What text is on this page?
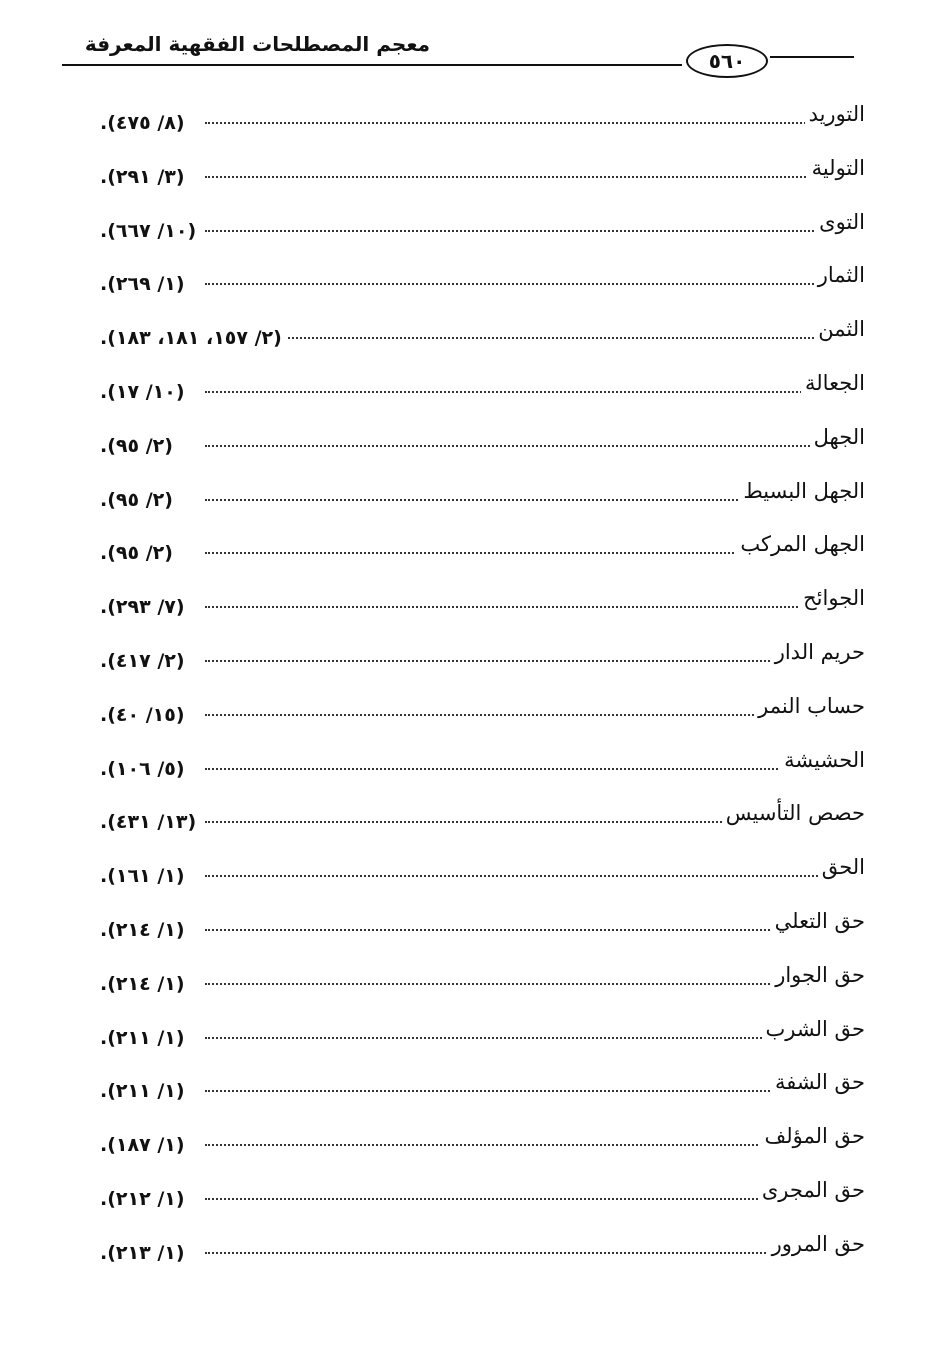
معجم المصطلحات الفقهية المعرفة
٥٦٠
التوريد
(٨/ ٤٧٥).
التولية
(٣/ ٢٩١).
التوى
(١٠/ ٦٦٧).
الثمار
(١/ ٢٦٩).
الثمن
(٢/ ١٥٧، ١٨١، ١٨٣).
الجعالة
(١٠/ ١٧).
الجهل
(٢/ ٩٥).
الجهل البسيط
(٢/ ٩٥).
الجهل المركب
(٢/ ٩٥).
الجوائح
(٧/ ٢٩٣).
حريم الدار
(٢/ ٤١٧).
حساب النمر
(١٥/ ٤٠).
الحشيشة
(٥/ ١٠٦).
حصص التأسيس
(١٣/ ٤٣١).
الحق
(١/ ١٦١).
حق التعلي
(١/ ٢١٤).
حق الجوار
(١/ ٢١٤).
حق الشرب
(١/ ٢١١).
حق الشفة
(١/ ٢١١).
حق المؤلف
(١/ ١٨٧).
حق المجرى
(١/ ٢١٢).
حق المرور
(١/ ٢١٣).
